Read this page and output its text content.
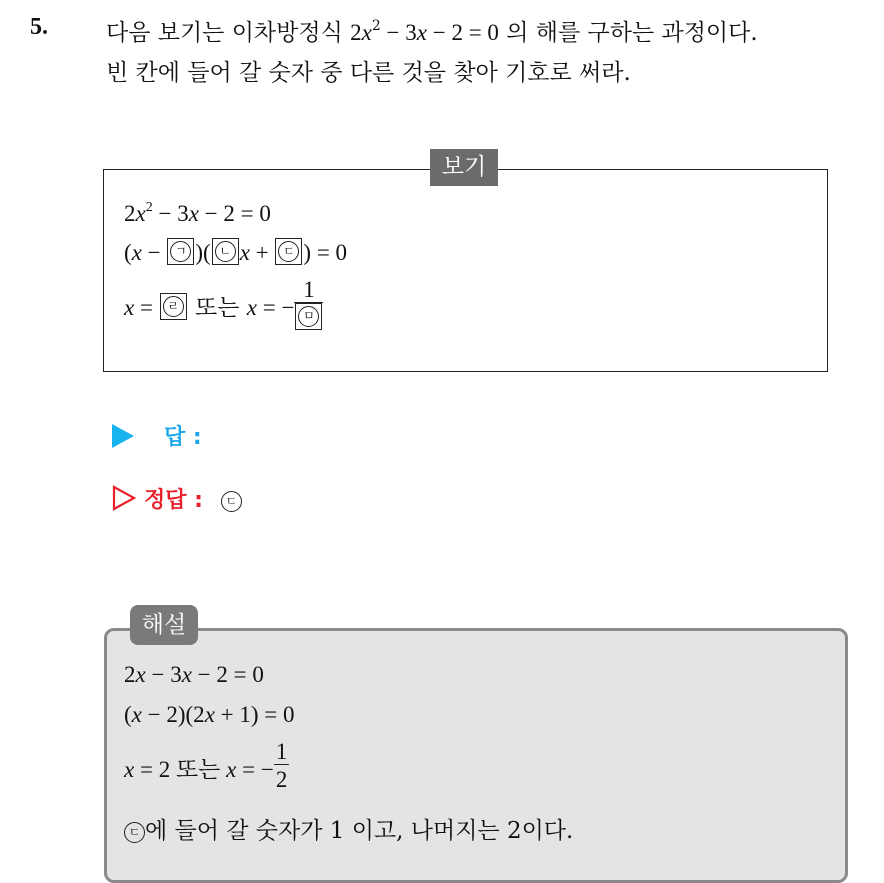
5.	다음 보기는 이차방정식 $2x^2 - 3x - 2 = 0$ 의 해를 구하는 과정이다.
빈 칸에 들어 갈 숫자 중 다른 것을 찾아 기호로 써라.
보기
$2x^2 - 3x - 2 = 0$
(x − ㄱ )( ㄴ x + ㄷ ) = 0
x = ㄹ 또는 x = − $\frac{1}{\text{ㅁ}}$
답 :
정답 : ㄷ
해설
2x − 3x − 2 = 0
(x − 2)(2x + 1) = 0
x = 2 또는 x = − $\frac{1}{2}$
ㄷ 에 들어 갈 숫자가 1 이고, 나머지는 2이다.
